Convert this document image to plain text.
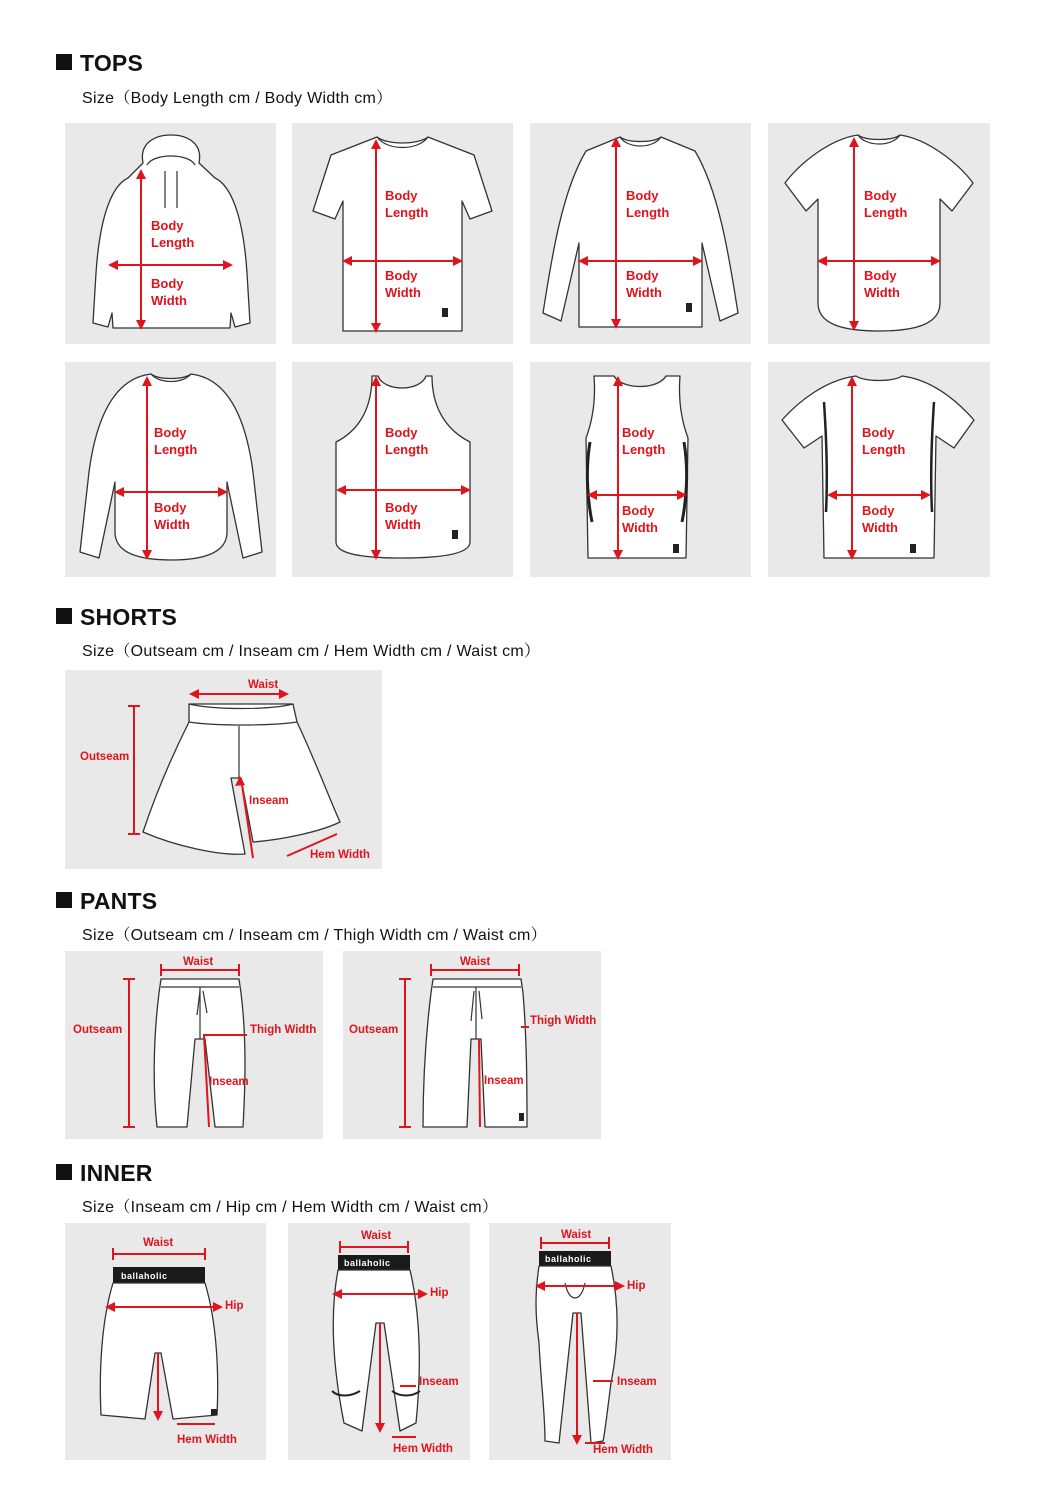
TOPS
Size（Body Length cm / Body Width cm）
Body
Length
Body
Width
Body
Length
Body
Width
Body
Length
Body
Width
Body
Length
Body
Width
Body
Length
Body
Width
Body
Length
Body
Width
Body
Length
Body
Width
Body
Length
Body
Width
SHORTS
Size（Outseam cm / Inseam cm / Hem Width cm / Waist cm）
Waist
Outseam
Inseam
Hem Width
PANTS
Size（Outseam cm / Inseam cm / Thigh Width cm / Waist cm）
Waist
Outseam	Thigh Width
Inseam
Waist
Outseam
Thigh Width
Inseam
INNER
Size（Inseam cm / Hip cm / Hem Width cm / Waist cm）
ballaholic
Waist
Hip
Hem Width
ballaholic
Waist
Hip
Inseam
Hem Width
ballaholic
Waist
Hip
Inseam
Hem Width
